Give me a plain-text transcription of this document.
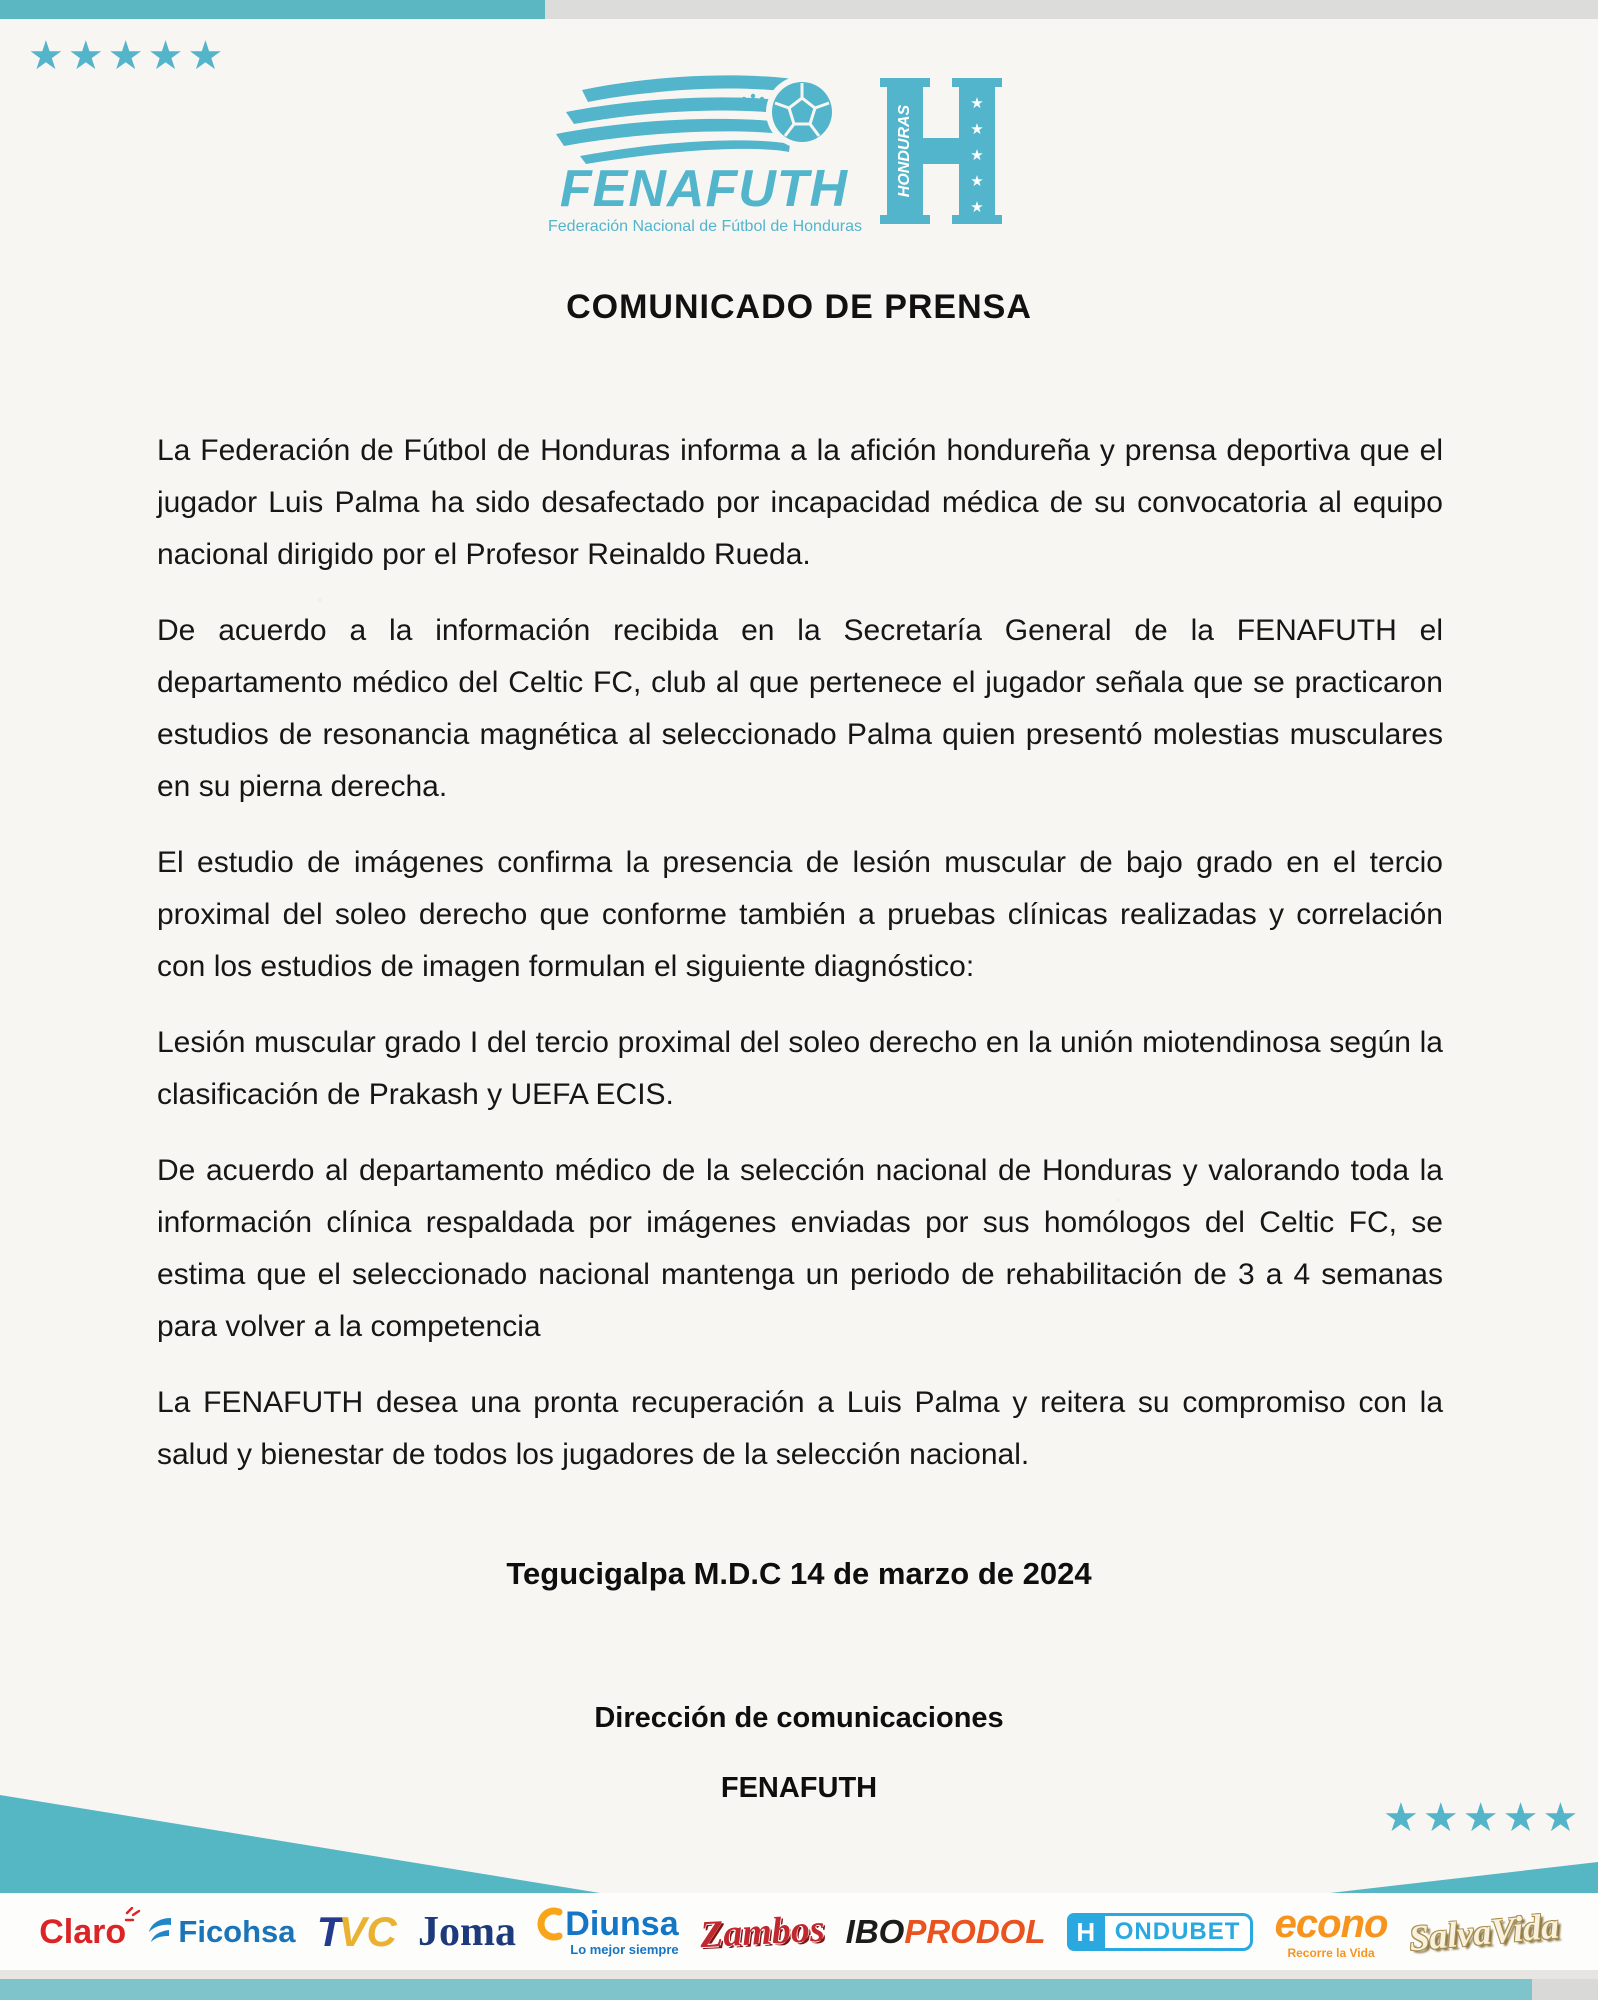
★★★★★
FENAFUTH
Federación Nacional de Fútbol de Honduras
HONDURAS
★
★
★
★
★
COMUNICADO DE PRENSA

La Federación de Fútbol de Honduras informa a la afición hondureña y prensa deportiva que el jugador Luis Palma ha sido desafectado por incapacidad médica de su convocatoria al equipo nacional dirigido por el Profesor Reinaldo Rueda.

De acuerdo a la información recibida en la Secretaría General de la FENAFUTH el departamento médico del Celtic FC, club al que pertenece el jugador señala que se practicaron estudios de resonancia magnética al seleccionado Palma quien presentó molestias musculares en su pierna derecha.

El estudio de imágenes confirma la presencia de lesión muscular de bajo grado en el tercio proximal del soleo derecho que conforme también a pruebas clínicas realizadas y correlación con los estudios de imagen formulan el siguiente diagnóstico:

Lesión muscular grado I del tercio proximal del soleo derecho en la unión miotendinosa según la clasificación de Prakash y UEFA ECIS.

De acuerdo al departamento médico de la selección nacional de Honduras y valorando toda la información clínica respaldada por imágenes enviadas por sus homólogos del Celtic FC, se estima que el seleccionado nacional mantenga un periodo de rehabilitación de 3 a 4 semanas para volver a la competencia

La FENAFUTH desea una pronta recuperación a Luis Palma y reitera su compromiso con la salud y bienestar de todos los jugadores de la selección nacional.

Tegucigalpa M.D.C 14 de marzo de 2024

Dirección de comunicaciones

FENAFUTH

★★★★★
Claro Ficohsa T
VC Joma Diunsa
Lo mejor siempre Zambos IBO PRODOL	H ONDUBET econo
Recorre la Vida SalvaVida
